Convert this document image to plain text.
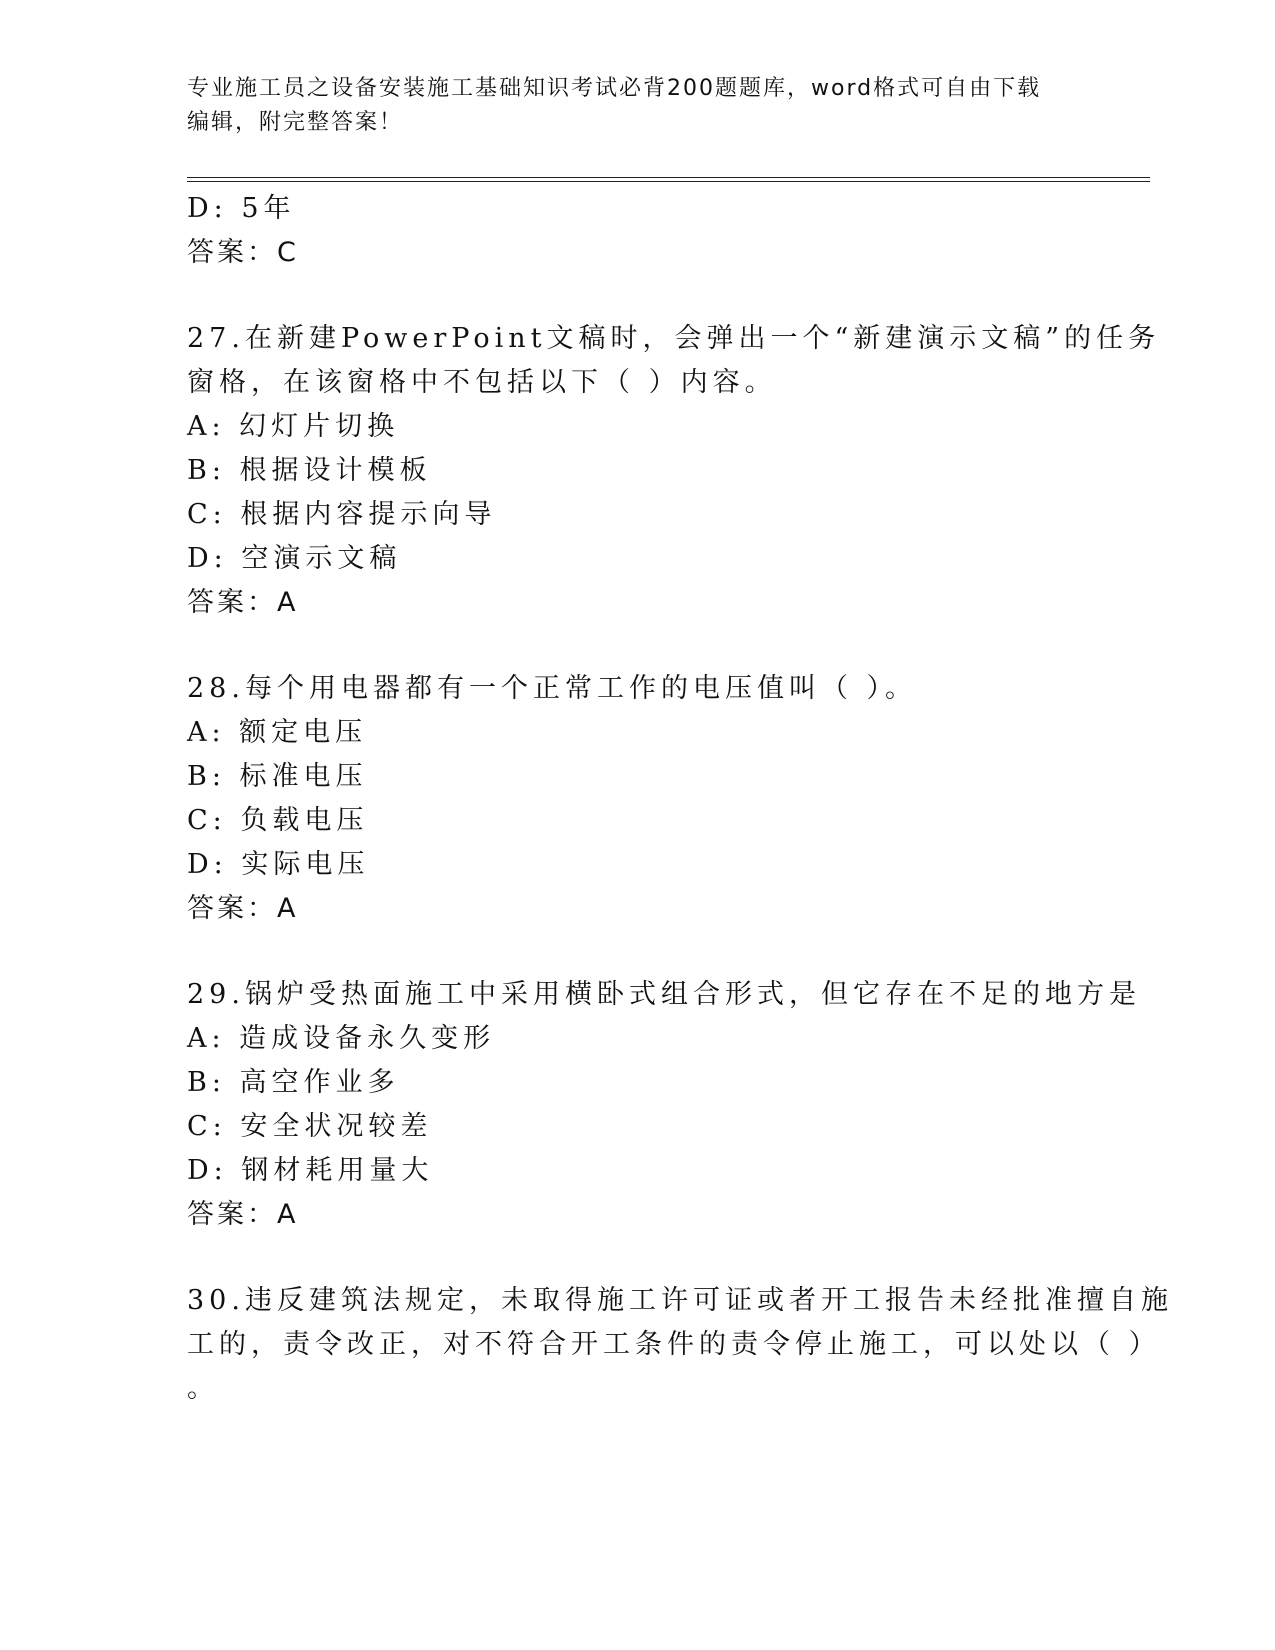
专业施工员之设备安装施工基础知识考试必背200题题库，word格式可自由下载
编辑，附完整答案！
D: 5年
答案：C
27.在新建PowerPoint文稿时，会弹出一个“新建演示文稿”的任务
窗格，在该窗格中不包括以下（ ）内容。
A: 幻灯片切换
B: 根据设计模板
C: 根据内容提示向导
D: 空演示文稿
答案：A
28.每个用电器都有一个正常工作的电压值叫（ ）。
A: 额定电压
B: 标准电压
C: 负载电压
D: 实际电压
答案：A
29.锅炉受热面施工中采用横卧式组合形式，但它存在不足的地方是
A: 造成设备永久变形
B: 高空作业多
C: 安全状况较差
D: 钢材耗用量大
答案：A
30.违反建筑法规定，未取得施工许可证或者开工报告未经批准擅自施
工的，责令改正，对不符合开工条件的责令停止施工，可以处以（ ）
。
